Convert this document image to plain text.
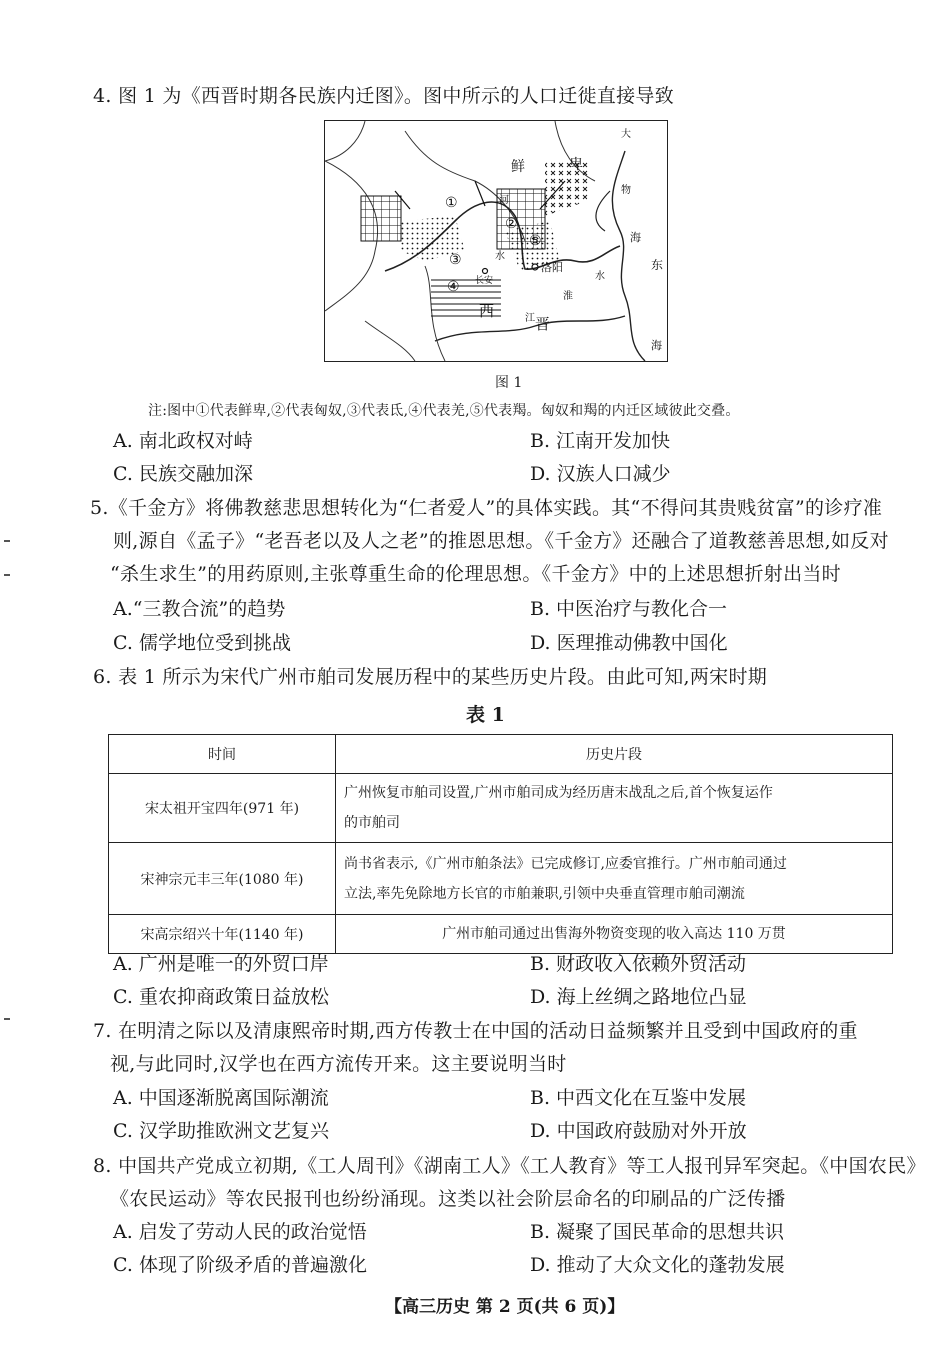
4. 图 1 为《西晋时期各民族内迁图》。图中所示的人口迁徙直接导致
鲜	卑
河
水
洛阳
长安
西
晋
江
东
海
海
大
物
水
淮
①
②
③
④
⑤
图 1
注:图中①代表鲜卑,②代表匈奴,③代表氐,④代表羌,⑤代表羯。匈奴和羯的内迁区域彼此交叠。
A. 南北政权对峙	B. 江南开发加快
C. 民族交融加深	D. 汉族人口减少
5.《千金方》将佛教慈悲思想转化为“仁者爱人”的具体实践。其“不得问其贵贱贫富”的诊疗准
则,源自《孟子》“老吾老以及人之老”的推恩思想。《千金方》还融合了道教慈善思想,如反对
“杀生求生”的用药原则,主张尊重生命的伦理思想。《千金方》中的上述思想折射出当时
A.“三教合流”的趋势	B. 中医治疗与教化合一
C. 儒学地位受到挑战	D. 医理推动佛教中国化
6. 表 1 所示为宋代广州市舶司发展历程中的某些历史片段。由此可知,两宋时期
表 1
时间	历史片段
宋太祖开宝四年(971 年)	广州恢复市舶司设置,广州市舶司成为经历唐末战乱之后,首个恢复运作
的市舶司

宋神宗元丰三年(1080 年)	尚书省表示,《广州市舶条法》已完成修订,应委官推行。广州市舶司通过
立法,率先免除地方长官的市舶兼职,引领中央垂直管理市舶司潮流

宋高宗绍兴十年(1140 年)	广州市舶司通过出售海外物资变现的收入高达 110 万贯
A. 广州是唯一的外贸口岸	B. 财政收入依赖外贸活动
C. 重农抑商政策日益放松	D. 海上丝绸之路地位凸显
7. 在明清之际以及清康熙帝时期,西方传教士在中国的活动日益频繁并且受到中国政府的重
视,与此同时,汉学也在西方流传开来。这主要说明当时
A. 中国逐渐脱离国际潮流	B. 中西文化在互鉴中发展
C. 汉学助推欧洲文艺复兴	D. 中国政府鼓励对外开放
8. 中国共产党成立初期,《工人周刊》《湖南工人》《工人教育》等工人报刊异军突起。《中国农民》
《农民运动》等农民报刊也纷纷涌现。这类以社会阶层命名的印刷品的广泛传播
A. 启发了劳动人民的政治觉悟	B. 凝聚了国民革命的思想共识
C. 体现了阶级矛盾的普遍激化	D. 推动了大众文化的蓬勃发展
【高三历史 第 2 页(共 6 页)】
